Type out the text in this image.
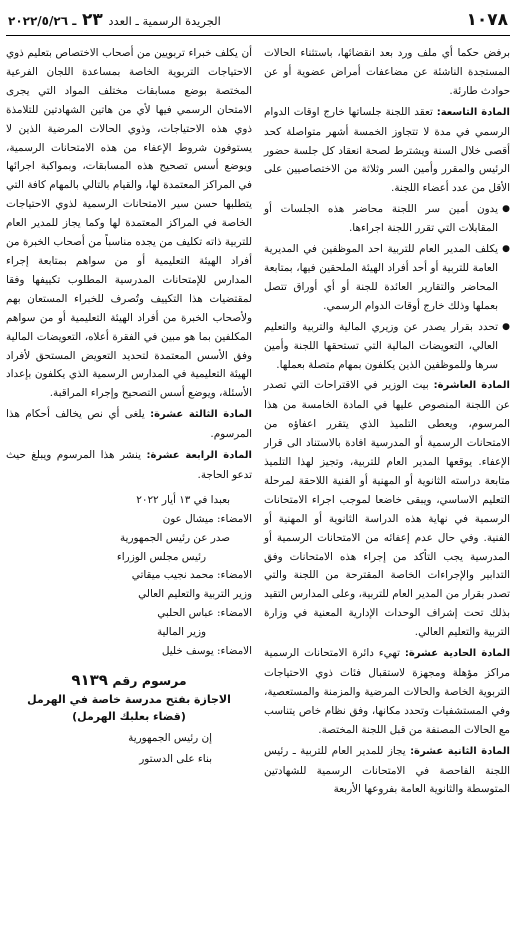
١٠٧٨
الجريدة الرسمية ـ العدد ٢٣ ـ ٢٠٢٢/٥/٢٦

برفض حكما أي ملف ورد بعد انقضائها، باستثناء الحالات المستجدة الناشئة عن مضاعفات أمراض عضوية أو عن حوادث طارئة.

المادة التاسعة: تعقد اللجنة جلساتها خارج اوقات الدوام الرسمي في مدة لا تتجاوز الخمسة أشهر متواصلة كحد أقصى خلال السنة ويشترط لصحة انعقاد كل جلسة حضور الرئيس والمقرر وأمين السر وثلاثة من الاختصاصيين على الأقل من عدد أعضاء اللجنة.

● يدون أمين سر اللجنة محاضر هذه الجلسات أو المقابلات التي تقرر اللجنة اجراءها.

● يكلف المدير العام للتربية احد الموظفين في المديرية العامة للتربية أو أحد أفراد الهيئة الملحقين فيها، بمتابعة المحاضر والتقارير العائدة للجنة أو أي أوراق تتصل بعملها وذلك خارج أوقات الدوام الرسمي.

● تحدد بقرار يصدر عن وزيري المالية والتربية والتعليم العالي، التعويضات المالية التي تستحقها اللجنة وأمين سرها وللموظفين الذين يكلفون بمهام متصلة بعملها.

المادة العاشرة: بيت الوزير في الاقتراحات التي تصدر عن اللجنة المنصوص عليها في المادة الخامسة من هذا المرسوم، ويعطى التلميذ الذي يتقرر اعفاؤه من الامتحانات الرسمية أو المدرسية افادة بالاستناد الى قرار الإعفاء. يوقعها المدير العام للتربية، وتجيز لهذا التلميذ متابعة دراسته الثانوية أو المهنية أو الفنية اللاحقة لمرحلة التعليم الاساسي، ويبقى خاضعا لموجب اجراء الامتحانات الرسمية في نهاية هذه الدراسة الثانوية أو المهنية أو الفنية. وفي حال عدم إعفائه من الامتحانات الرسمية أو المدرسية يجب التأكد من إجراء هذه الامتحانات وفق التدابير والإجراءات الخاصة المقترحة من اللجنة والتي تصدر بقرار من المدير العام للتربية، وعلى المدارس التقيد بذلك تحت إشراف الوحدات الإدارية المعنية في وزارة التربية والتعليم العالي.

المادة الحادية عشرة: تهيء دائرة الامتحانات الرسمية مراكز مؤهلة ومجهزة لاستقبال فئات ذوي الاحتياجات التربوية الخاصة والحالات المرضية والمزمنة والمستعصية، وفي المستشفيات وتحدد مكانها، وفق نظام خاص يتناسب مع الحالات المصنفة من قبل اللجنة المختصة.

المادة الثانية عشرة: يجاز للمدير العام للتربية ـ رئيس اللجنة الفاحصة في الامتحانات الرسمية للشهادتين المتوسطة والثانوية العامة بفروعها الأربعة

أن يكلف خبراء تربويين من أصحاب الاختصاص بتعليم ذوي الاحتياجات التربوية الخاصة بمساعدة اللجان الفرعية المختصة بوضع مسابقات مختلف المواد التي يجرى الامتحان الرسمي فيها لأي من هاتين الشهادتين للتلامذة ذوي هذه الاحتياجات، وذوي الحالات المرضية الذين لا يستوفون شروط الإعفاء من هذه الامتحانات الرسمية، ويوضع أسس تصحيح هذه المسابقات، وبمواكبة اجرائها في المراكز المعتمدة لها، والقيام بالتالي بالمهام كافة التي يتطلبها حسن سير الامتحانات الرسمية لذوي الاحتياجات الخاصة في المراكز المعتمدة لها وكما يجاز للمدير العام للتربية ذاته تكليف من يجده مناسباً من أصحاب الخبرة من أفراد الهيئة التعليمية أو من سواهم بمتابعة إجراء المدارس للإمتحانات المدرسية المطلوب تكييفها وفقا لمقتضيات هذا التكييف وتُصرف للخبراء المستعان بهم ولأصحاب الخبرة من أفراد الهيئة التعليمية أو من سواهم المكلفين بما هو مبين في الفقرة أعلاه، التعويضات المالية وفق الأسس المعتمدة لتحديد التعويض المستحق لأفراد الهيئة التعليمية في المدارس الرسمية الذي يكلفون بإعداد الأسئلة، ويوضع أسس التصحيح وإجراء المراقبة.

المادة الثالثة عشرة: يلغى أي نص يخالف أحكام هذا المرسوم.

المادة الرابعة عشرة: ينشر هذا المرسوم ويبلغ حيث تدعو الحاجة.

بعبدا في ١٣ أيار ٢٠٢٢

الامضاء: ميشال عون

صدر عن رئيس الجمهورية

رئيس مجلس الوزراء

الامضاء: محمد نجيب ميقاتي

وزير التربية والتعليم العالي

الامضاء: عباس الحلبي

وزير المالية

الامضاء: يوسف خليل

مرسوم رقم ٩١٣٩
الاجازة بفتح مدرسة خاصة في الهرمل
(قضاء بعلبك الهرمل)

إن رئيس الجمهورية

بناء على الدستور
